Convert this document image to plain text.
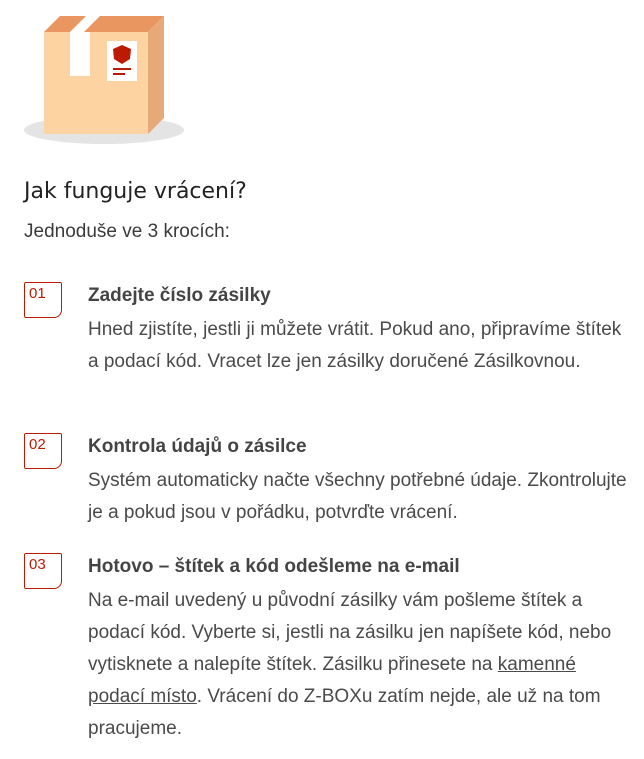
Jak funguje vrácení?

Jednoduše ve 3 krocích:

01 Zadejte číslo zásilky

Hned zjistíte, jestli ji můžete vrátit. Pokud ano, připravíme štítek a podací kód. Vracet lze jen zásilky doručené Zásilkovnou.

02 Kontrola údajů o zásilce

Systém automaticky načte všechny potřebné údaje. Zkontrolujte je a pokud jsou v pořádku, potvrďte vrácení.

03 Hotovo – štítek a kód odešleme na e-mail

Na e-mail uvedený u původní zásilky vám pošleme štítek a podací kód. Vyberte si, jestli na zásilku jen napíšete kód, nebo vytisknete a nalepíte štítek. Zásilku přinesete na kamenné podací místo. Vrácení do Z-BOXu zatím nejde, ale už na tom pracujeme.
